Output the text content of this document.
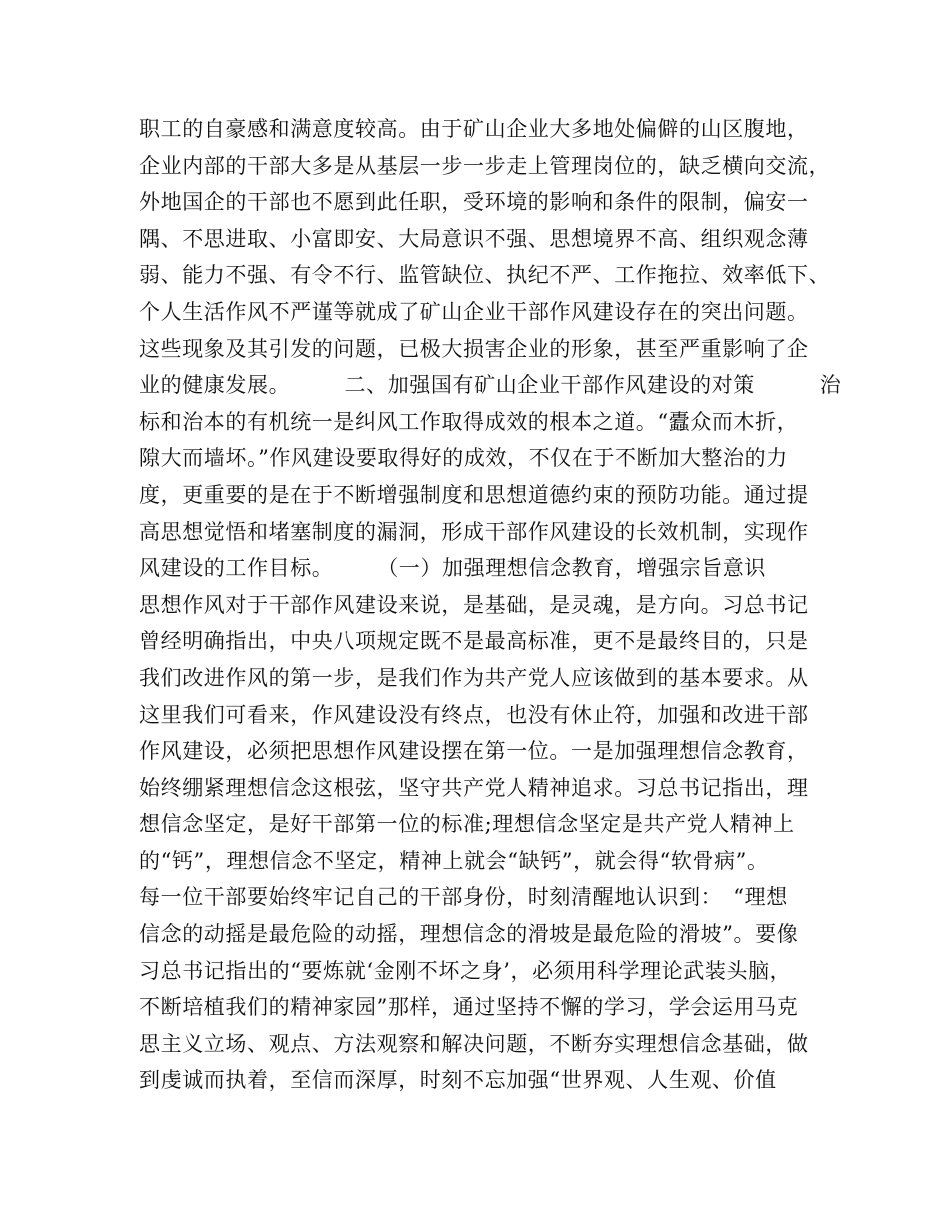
职工的自豪感和满意度较高。由于矿山企业大多地处偏僻的山区腹地，
企业内部的干部大多是从基层一步一步走上管理岗位的，缺乏横向交流，
外地国企的干部也不愿到此任职，受环境的影响和条件的限制，偏安一
隅、不思进取、小富即安、大局意识不强、思想境界不高、组织观念薄
弱、能力不强、有令不行、监管缺位、执纪不严、工作拖拉、效率低下、
个人生活作风不严谨等就成了矿山企业干部作风建设存在的突出问题。
这些现象及其引发的问题，已极大损害企业的形象，甚至严重影响了企
业的健康发展。　　　二、加强国有矿山企业干部作风建设的对策　　　治
标和治本的有机统一是纠风工作取得成效的根本之道。“蠹众而木折，
隙大而墙坏。”作风建设要取得好的成效，不仅在于不断加大整治的力
度，更重要的是在于不断增强制度和思想道德约束的预防功能。通过提
高思想觉悟和堵塞制度的漏洞，形成干部作风建设的长效机制，实现作
风建设的工作目标。　　　（一）加强理想信念教育，增强宗旨意识
思想作风对于干部作风建设来说，是基础，是灵魂，是方向。习总书记
曾经明确指出，中央八项规定既不是最高标准，更不是最终目的，只是
我们改进作风的第一步，是我们作为共产党人应该做到的基本要求。从
这里我们可看来，作风建设没有终点，也没有休止符，加强和改进干部
作风建设，必须把思想作风建设摆在第一位。一是加强理想信念教育，
始终绷紧理想信念这根弦，坚守共产党人精神追求。习总书记指出，理
想信念坚定，是好干部第一位的标准;理想信念坚定是共产党人精神上
的“钙”，理想信念不坚定，精神上就会“缺钙”，就会得“软骨病”。
每一位干部要始终牢记自己的干部身份，时刻清醒地认识到：　“理想
信念的动摇是最危险的动摇，理想信念的滑坡是最危险的滑坡”。要像
习总书记指出的“要炼就‘金刚不坏之身’，必须用科学理论武装头脑，
不断培植我们的精神家园”那样，通过坚持不懈的学习，学会运用马克
思主义立场、观点、方法观察和解决问题，不断夯实理想信念基础，做
到虔诚而执着，至信而深厚，时刻不忘加强“世界观、人生观、价值
